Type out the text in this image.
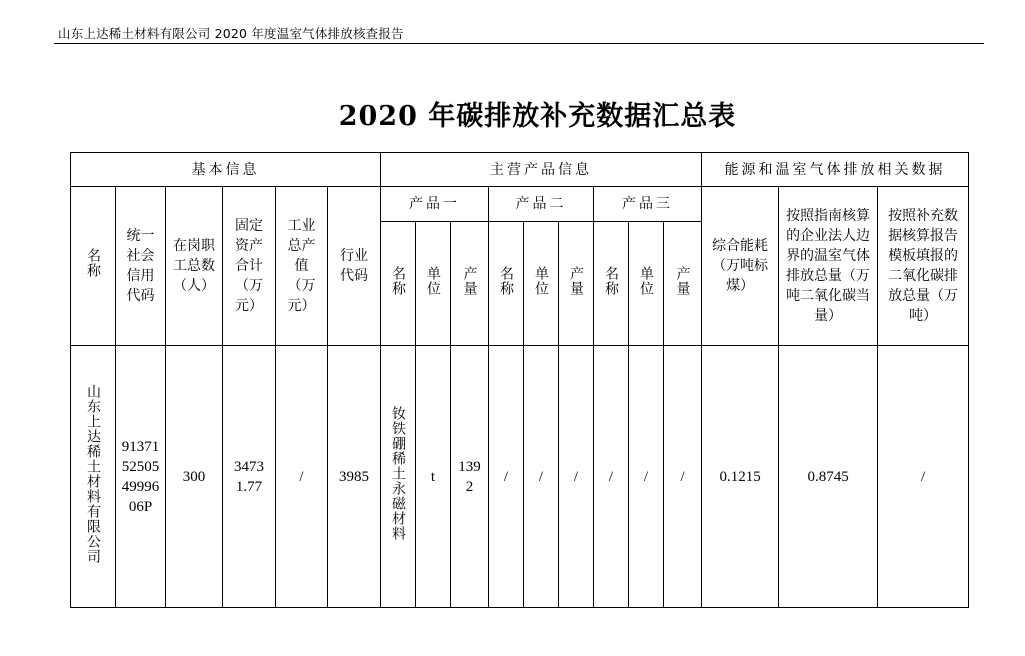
山东上达稀土材料有限公司 2020 年度温室气体排放核查报告
2020 年碳排放补充数据汇总表
基本信息						主营产品信息									能源和温室气体排放相关数据		
名称	统一社会信用代码	在岗职工总数（人）	固定资产合计（万元）	工业总产值（万元）	行业代码	产品一			产品二			产品三			综合能耗（万吨标煤）	按照指南核算的企业法人边界的温室气体排放总量（万吨二氧化碳当量）	按照补充数据核算报告模板填报的二氧化碳排放总量（万吨）
						名称	单位	产量	名称	单位	产量	名称	单位	产量			
山东上达稀土材料有限公司	91371525054999606P	300	3473 1.77	/	3985	钕铁硼稀土永磁材料	t	1392	/	/	/	/	/	/	0.1215	0.8745	/
